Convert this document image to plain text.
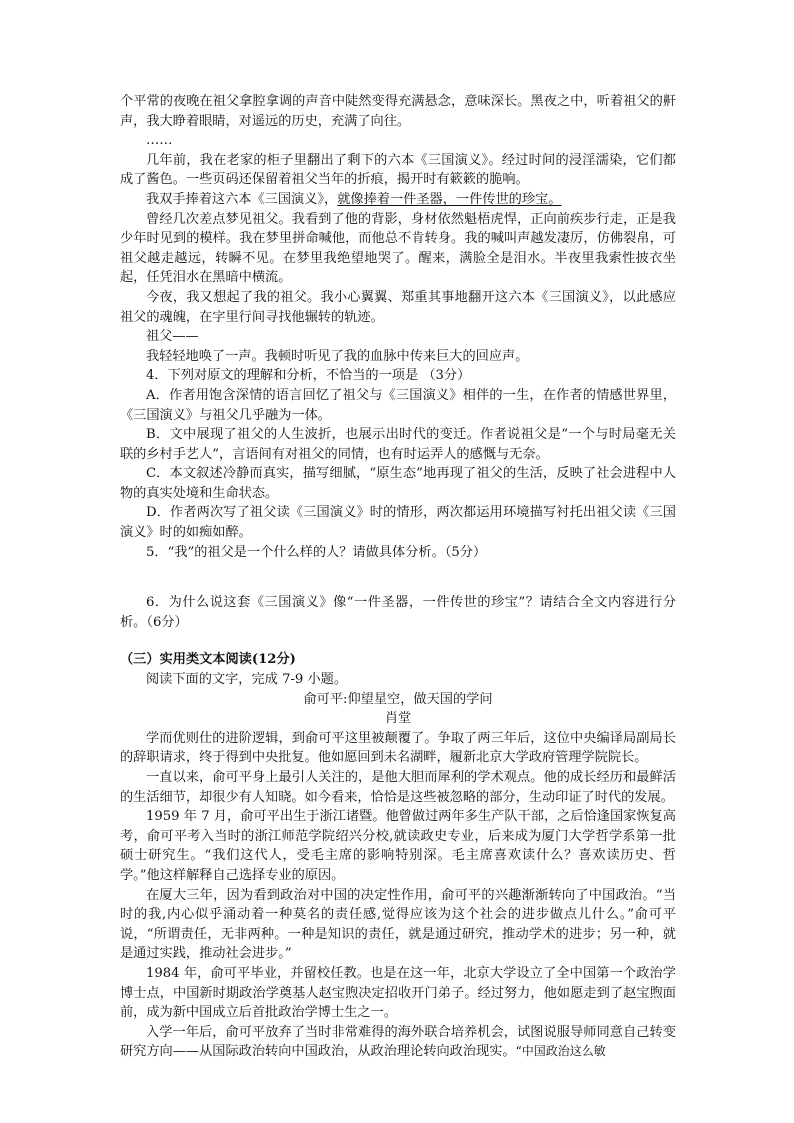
个平常的夜晚在祖父拿腔拿调的声音中陡然变得充满悬念，意味深长。黑夜之中，听着祖父的鼾声，我大睁着眼睛，对遥远的历史，充满了向往。

……

几年前，我在老家的柜子里翻出了剩下的六本《三国演义》。经过时间的浸淫濡染，它们都成了酱色。一些页码还保留着祖父当年的折痕，揭开时有簌簌的脆响。

我双手捧着这六本《三国演义》，就像捧着一件圣器，一件传世的珍宝。

曾经几次差点梦见祖父。我看到了他的背影，身材依然魁梧虎悍，正向前疾步行走，正是我少年时见到的模样。我在梦里拼命喊他，而他总不肯转身。我的喊叫声越发凄厉，仿佛裂帛，可祖父越走越远，转瞬不见。在梦里我绝望地哭了。醒来，满脸全是泪水。半夜里我索性披衣坐起，任凭泪水在黑暗中横流。

今夜，我又想起了我的祖父。我小心翼翼、郑重其事地翻开这六本《三国演义》，以此感应祖父的魂魄，在字里行间寻找他辗转的轨迹。

祖父——

我轻轻地唤了一声。我顿时听见了我的血脉中传来巨大的回应声。

4．下列对原文的理解和分析，不恰当的一项是 （3分）

A．作者用饱含深情的语言回忆了祖父与《三国演义》相伴的一生，在作者的情感世界里，《三国演义》与祖父几乎融为一体。

B．文中展现了祖父的人生波折，也展示出时代的变迁。作者说祖父是“一个与时局毫无关联的乡村手艺人”，言语间有对祖父的同情，也有时运弄人的感慨与无奈。

C．本文叙述冷静而真实，描写细腻，“原生态”地再现了祖父的生活，反映了社会进程中人物的真实处境和生命状态。

D．作者两次写了祖父读《三国演义》时的情形，两次都运用环境描写衬托出祖父读《三国演义》时的如痴如醉。

5．“我”的祖父是一个什么样的人？请做具体分析。（5分）

6．为什么说这套《三国演义》像“一件圣器，一件传世的珍宝”？请结合全文内容进行分析。（6分）

（三）实用类文本阅读(12分)

阅读下面的文字，完成 7-9 小题。

俞可平:仰望星空，做天国的学问

肖堂

学而优则仕的进阶逻辑，到俞可平这里被颠覆了。争取了两三年后，这位中央编译局副局长的辞职请求，终于得到中央批复。他如愿回到未名湖畔，履新北京大学政府管理学院院长。

一直以来，俞可平身上最引人关注的，是他大胆而犀利的学术观点。他的成长经历和最鲜活的生活细节，却很少有人知晓。如今看来，恰恰是这些被忽略的部分，生动印证了时代的发展。

1959 年 7 月，俞可平出生于浙江诸暨。他曾做过两年多生产队干部，之后恰逢国家恢复高考，俞可平考入当时的浙江师范学院绍兴分校,就读政史专业，后来成为厦门大学哲学系第一批硕士研究生。“我们这代人，受毛主席的影响特别深。毛主席喜欢读什么？喜欢读历史、哲学。”他这样解释自己选择专业的原因。

在厦大三年，因为看到政治对中国的决定性作用，俞可平的兴趣渐渐转向了中国政治。“当时的我,内心似乎涌动着一种莫名的责任感,觉得应该为这个社会的进步做点儿什么。”俞可平说，“所谓责任，无非两种。一种是知识的责任，就是通过研究，推动学术的进步；另一种，就是通过实践，推动社会进步。”

1984 年，俞可平毕业，并留校任教。也是在这一年，北京大学设立了全中国第一个政治学博士点，中国新时期政治学奠基人赵宝煦决定招收开门弟子。经过努力，他如愿走到了赵宝煦面前，成为新中国成立后首批政治学博士生之一。

入学一年后，俞可平放弃了当时非常难得的海外联合培养机会，试图说服导师同意自己转变研究方向——从国际政治转向中国政治，从政治理论转向政治现实。“中国政治这么敏
